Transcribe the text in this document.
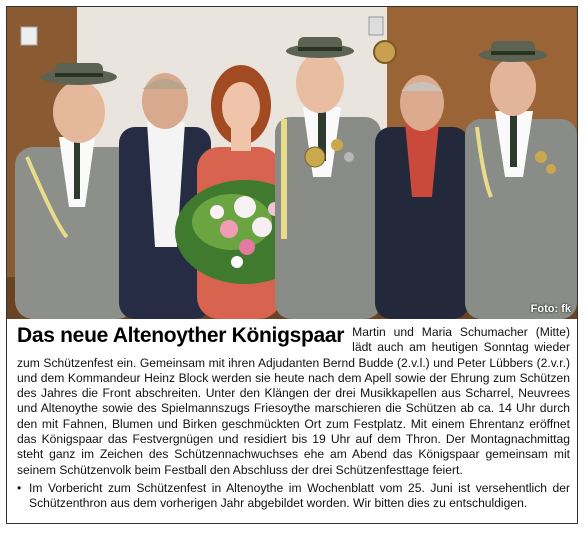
Foto: fk
Das neue Altenoyther Königspaar Martin und Maria Schumacher (Mitte) lädt auch am heutigen Sonntag wieder zum Schützenfest ein. Gemeinsam mit ihren Adjudanten Bernd Budde (2.v.l.) und Peter Lübbers (2.v.r.) und dem Kommandeur Heinz Block werden sie heute nach dem Apell sowie der Ehrung zum Schützen des Jahres die Front abschreiten. Unter den Klängen der drei Musikkapellen aus Scharrel, Neuvrees und Altenoythe sowie des Spielmannszugs Friesoythe marschieren die Schützen ab ca. 14 Uhr durch den mit Fahnen, Blumen und Birken geschmückten Ort zum Festplatz. Mit einem Ehrentanz eröffnet das Königspaar das Festvergnügen und residiert bis 19 Uhr auf dem Thron. Der Montagnachmittag steht ganz im Zeichen des Schützennachwuchses ehe am Abend das Königspaar gemeinsam mit seinem Schützenvolk beim Festball den Abschluss der drei Schützenfesttage feiert.

• Im Vorbericht zum Schützenfest in Altenoythe im Wochenblatt vom 25. Juni ist versehentlich der Schützenthron aus dem vorherigen Jahr abgebildet worden. Wir bitten dies zu entschuldigen.
